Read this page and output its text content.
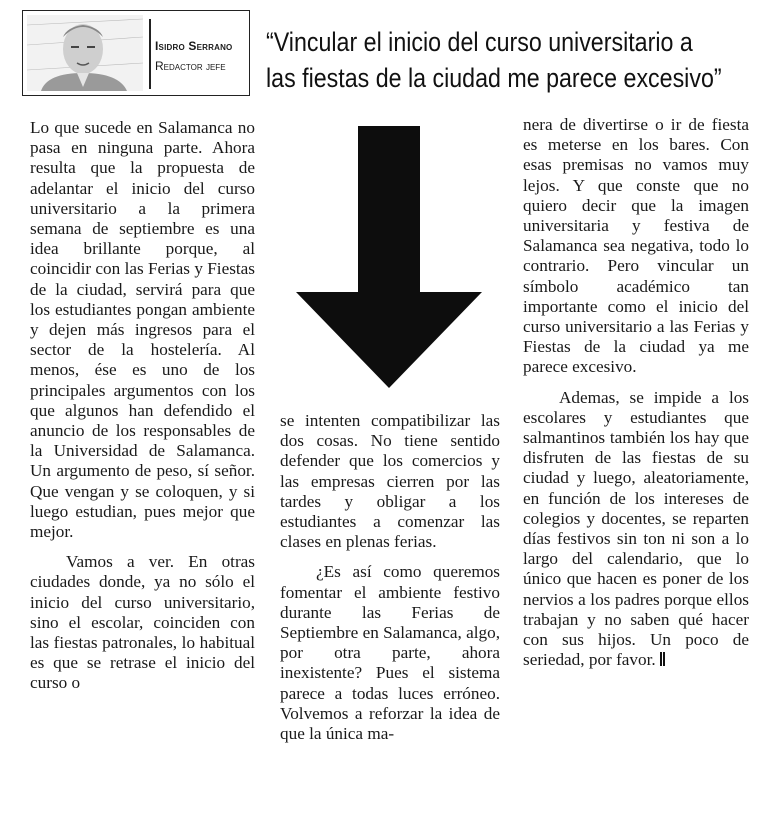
Isidro Serrano
Redactor jefe
“Vincular el inicio del curso universitario a
las fiestas de la ciudad me parece excesivo”

Lo que sucede en Salamanca no pasa en ninguna parte. Ahora resulta que la propuesta de adelantar el inicio del curso universitario a la primera semana de septiembre es una idea brillante porque, al coincidir con las Ferias y Fiestas de la ciudad, servirá para que los estudiantes pongan ambiente y dejen más ingresos para el sector de la hostelería. Al menos, ése es uno de los principales argumentos con los que algunos han defendido el anuncio de los responsables de la Universidad de Salamanca. Un argumento de peso, sí señor. Que vengan y se coloquen, y si luego estudian, pues mejor que mejor.

Vamos a ver. En otras ciudades donde, ya no sólo el inicio del curso universitario, sino el escolar, coinciden con las fiestas patronales, lo habitual es que se retrase el inicio del curso o

se intenten compatibilizar las dos cosas. No tiene sentido defender que los comercios y las empresas cierren por las tardes y obligar a los estudiantes a comenzar las clases en plenas ferias.

¿Es así como queremos fomentar el ambiente festivo durante las Ferias de Septiembre en Salamanca, algo, por otra parte, ahora inexistente? Pues el sistema parece a todas luces erróneo. Volvemos a reforzar la idea de que la única ma-

nera de divertirse o ir de fiesta es meterse en los bares. Con esas premisas no vamos muy lejos. Y que conste que no quiero decir que la imagen universitaria y festiva de Salamanca sea negativa, todo lo contrario. Pero vincular un símbolo académico tan importante como el inicio del curso universitario a las Ferias y Fiestas de la ciudad ya me parece excesivo.

Ademas, se impide a los escolares y estudiantes que salmantinos también los hay que disfruten de las fiestas de su ciudad y luego, aleatoriamente, en función de los intereses de colegios y docentes, se reparten días festivos sin ton ni son a lo largo del calendario, que lo único que hacen es poner de los nervios a los padres porque ellos trabajan y no saben qué hacer con sus hijos. Un poco de seriedad, por favor.
